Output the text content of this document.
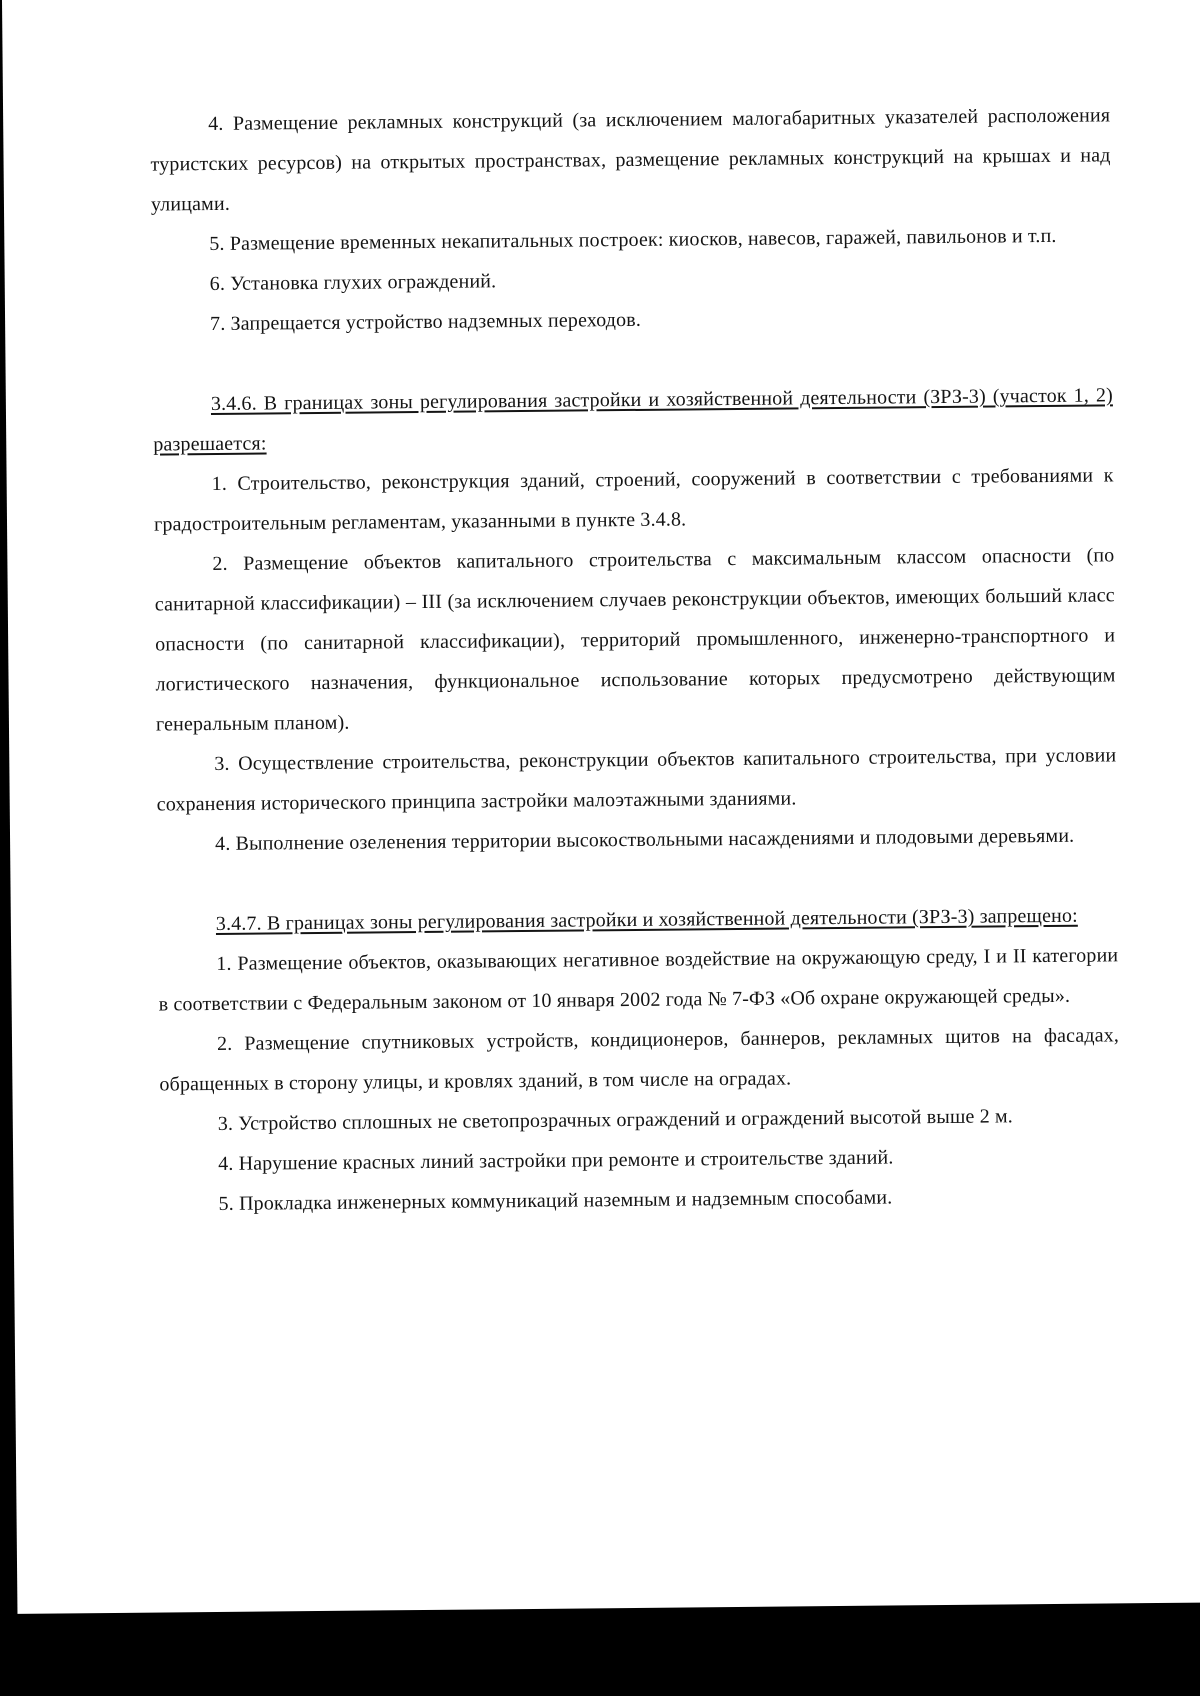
4. Размещение рекламных конструкций (за исключением малогабаритных указателей расположения туристских ресурсов) на открытых пространствах, размещение рекламных конструкций на крышах и над улицами.

5. Размещение временных некапитальных построек: киосков, навесов, гаражей, павильонов и т.п.

6. Установка глухих ограждений.

7. Запрещается устройство надземных переходов.

3.4.6. В границах зоны регулирования застройки и хозяйственной деятельности (ЗРЗ-3) (участок 1, 2) разрешается:

1. Строительство, реконструкция зданий, строений, сооружений в соответствии с требованиями к градостроительным регламентам, указанными в пункте 3.4.8.

2. Размещение объектов капитального строительства с максимальным классом опасности (по санитарной классификации) – III (за исключением случаев реконструкции объектов, имеющих больший класс опасности (по санитарной классификации), территорий промышленного, инженерно-транспортного и логистического назначения, функциональное использование которых предусмотрено действующим генеральным планом).

3. Осуществление строительства, реконструкции объектов капитального строительства, при условии сохранения исторического принципа застройки малоэтажными зданиями.

4. Выполнение озеленения территории высокоствольными насаждениями и плодовыми деревьями.

3.4.7. В границах зоны регулирования застройки и хозяйственной деятельности (ЗРЗ-3) запрещено:

1. Размещение объектов, оказывающих негативное воздействие на окружающую среду, I и II категории в соответствии с Федеральным законом от 10 января 2002 года № 7-ФЗ «Об охране окружающей среды».

2. Размещение спутниковых устройств, кондиционеров, баннеров, рекламных щитов на фасадах, обращенных в сторону улицы, и кровлях зданий, в том числе на оградах.

3. Устройство сплошных не светопрозрачных ограждений и ограждений высотой выше 2 м.

4. Нарушение красных линий застройки при ремонте и строительстве зданий.

5. Прокладка инженерных коммуникаций наземным и надземным способами.
